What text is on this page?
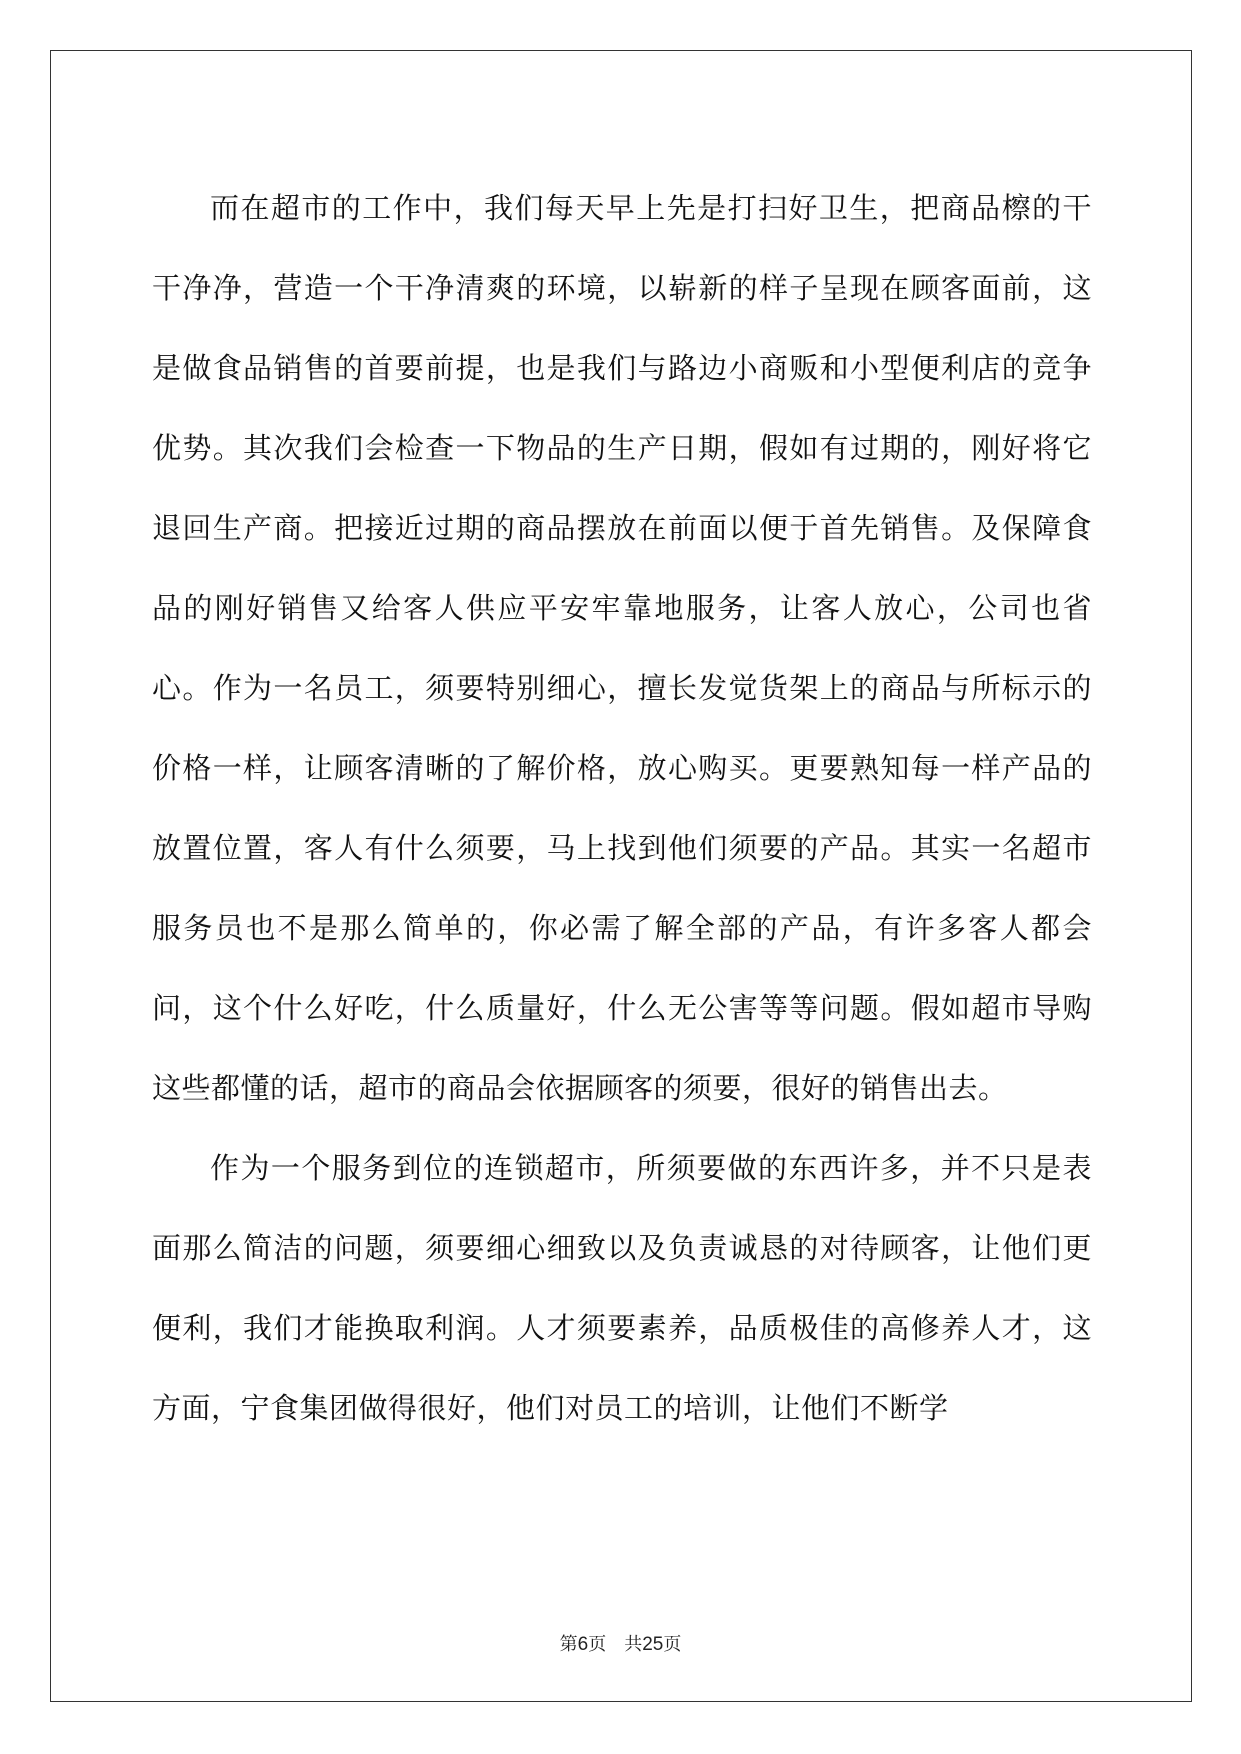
而在超市的工作中，我们每天早上先是打扫好卫生，把商品檫的干干净净，营造一个干净清爽的环境，以崭新的样子呈现在顾客面前，这是做食品销售的首要前提，也是我们与路边小商贩和小型便利店的竞争优势。其次我们会检查一下物品的生产日期，假如有过期的，刚好将它退回生产商。把接近过期的商品摆放在前面以便于首先销售。及保障食品的刚好销售又给客人供应平安牢靠地服务，让客人放心，公司也省心。作为一名员工，须要特别细心，擅长发觉货架上的商品与所标示的价格一样，让顾客清晰的了解价格，放心购买。更要熟知每一样产品的放置位置，客人有什么须要，马上找到他们须要的产品。其实一名超市服务员也不是那么简单的，你必需了解全部的产品，有许多客人都会问，这个什么好吃，什么质量好，什么无公害等等问题。假如超市导购这些都懂的话，超市的商品会依据顾客的须要，很好的销售出去。

作为一个服务到位的连锁超市，所须要做的东西许多，并不只是表面那么简洁的问题，须要细心细致以及负责诚恳的对待顾客，让他们更便利，我们才能换取利润。人才须要素养，品质极佳的高修养人才，这方面，宁食集团做得很好，他们对员工的培训，让他们不断学

第6页 共25页
